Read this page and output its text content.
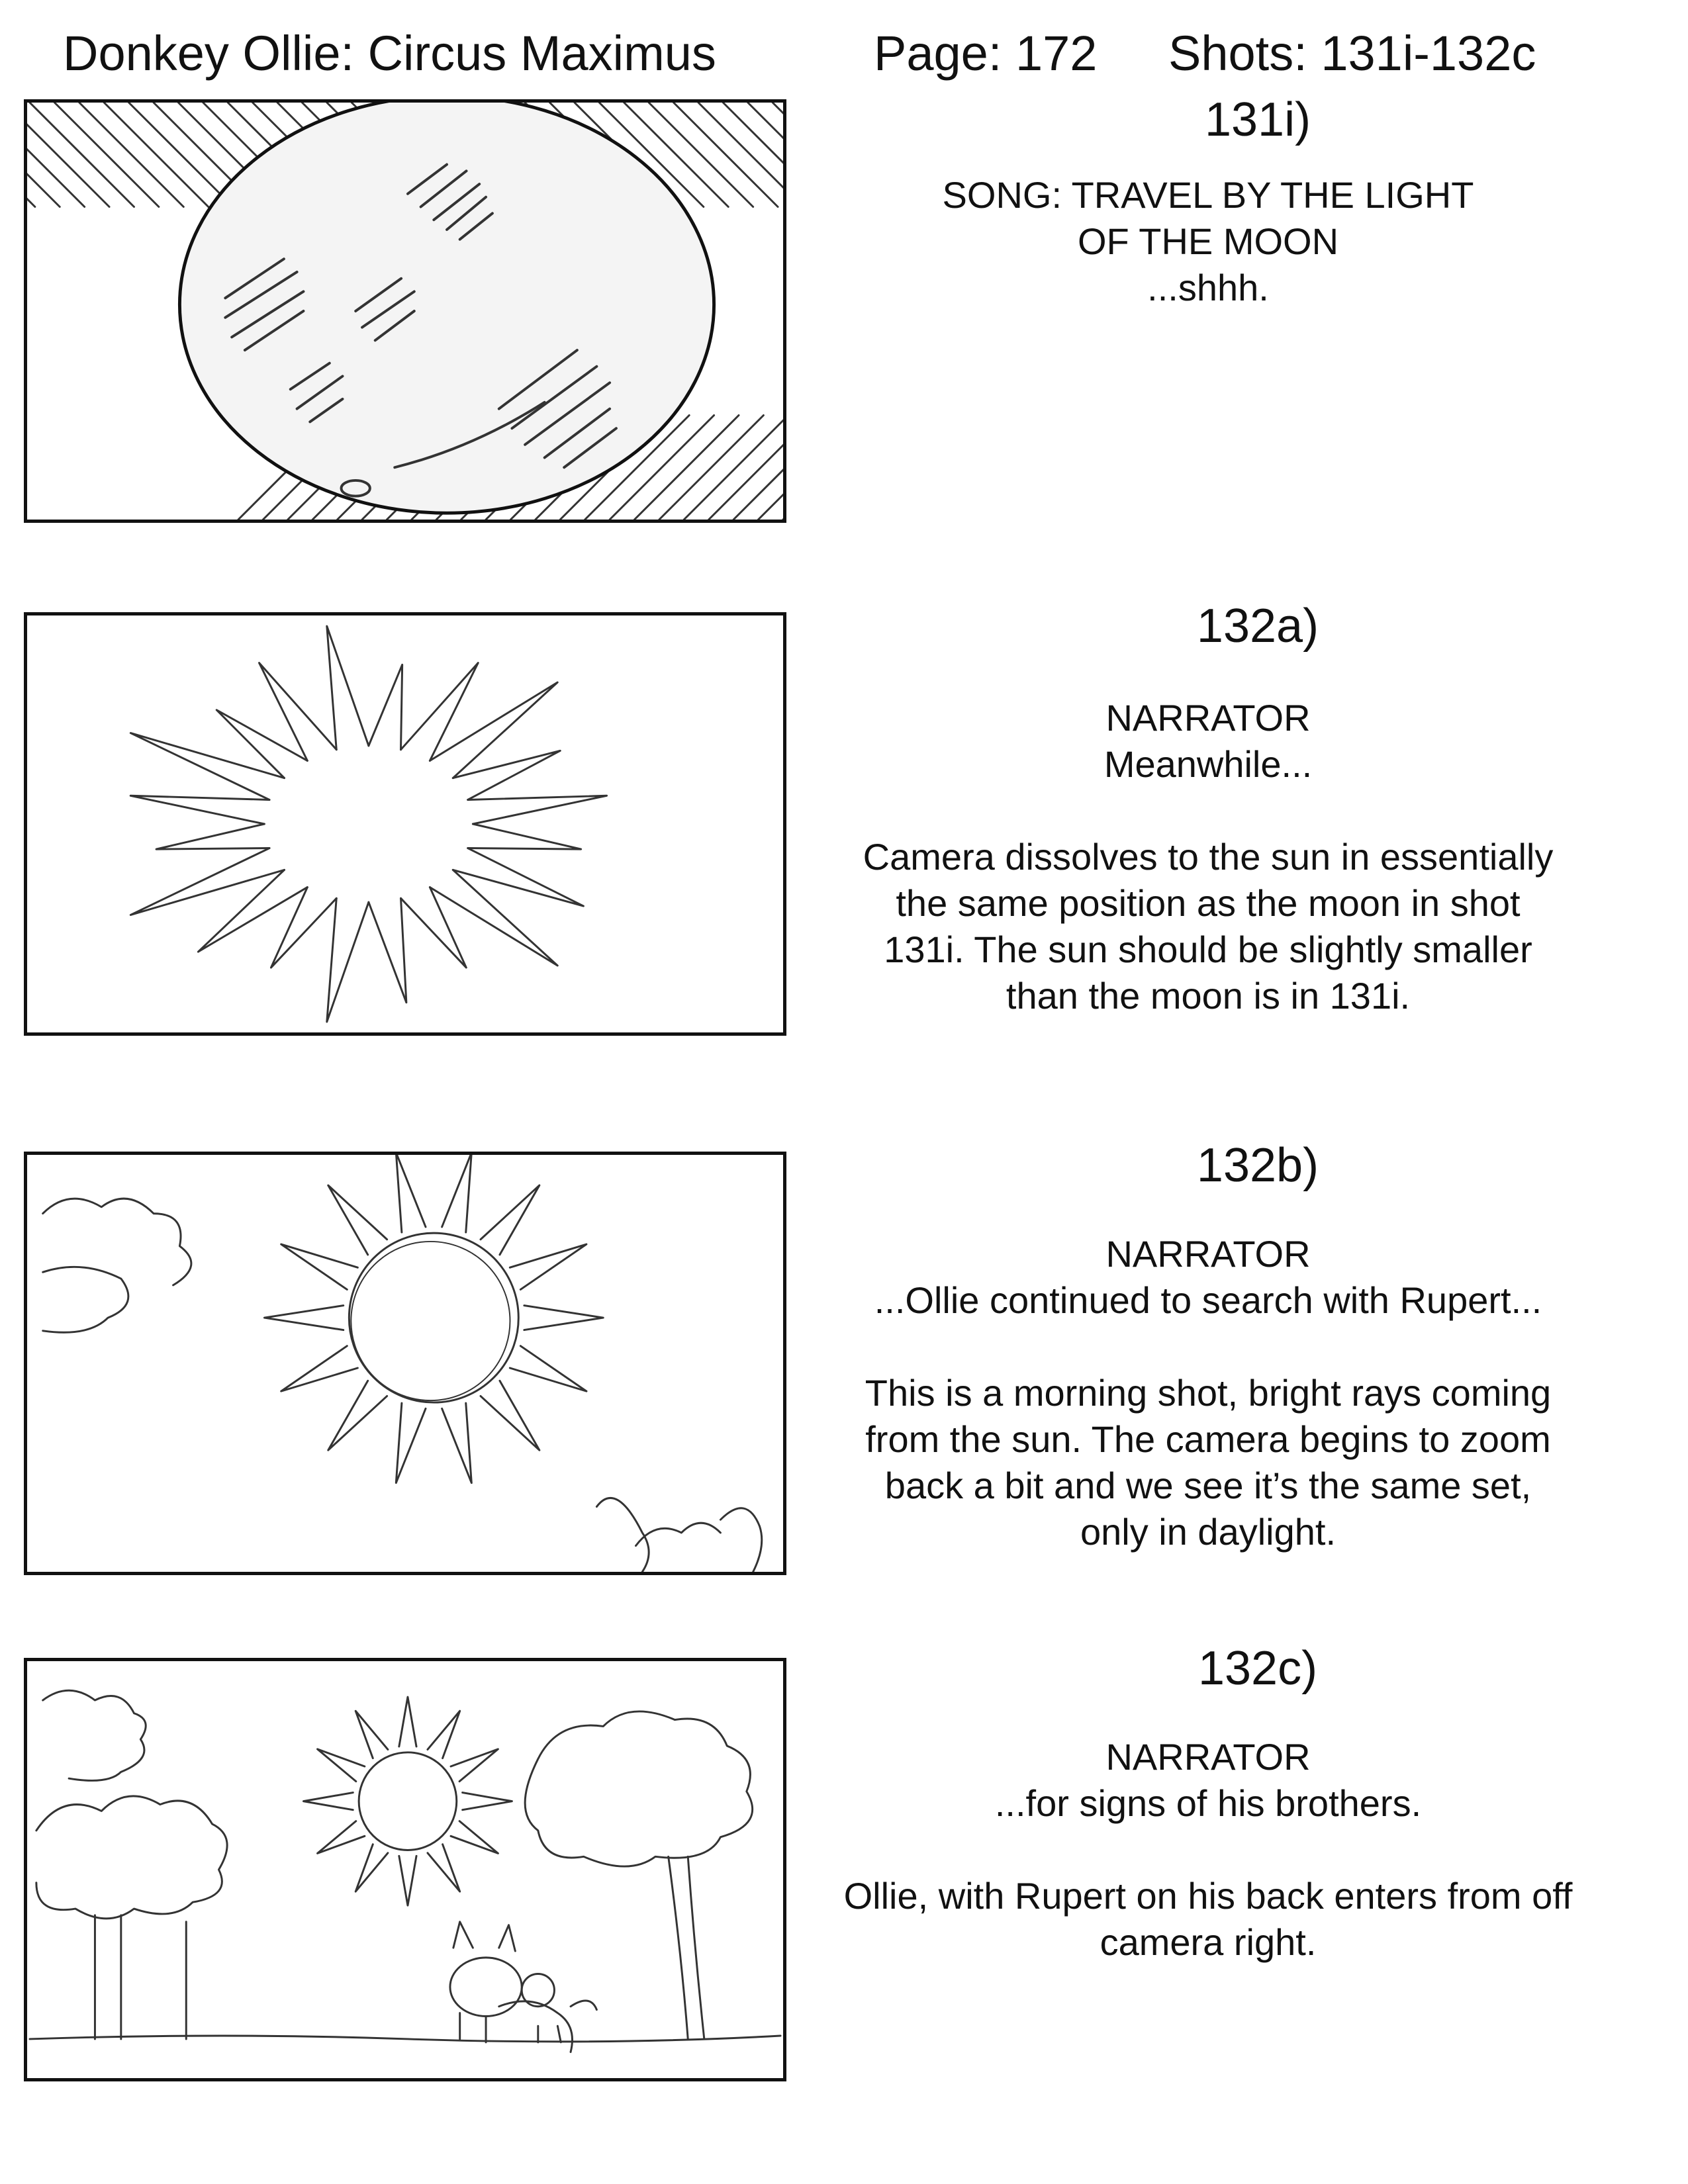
Donkey Ollie: Circus Maximus	Page: 172 Shots: 131i-132c
131i)
SONG: TRAVEL BY THE LIGHT
OF THE MOON
...shhh.
132a)
NARRATOR
Meanwhile...
Camera dissolves to the sun in essentially
the same position as the moon in shot
131i. The sun should be slightly smaller
than the moon is in 131i.
132b)
NARRATOR
...Ollie continued to search with Rupert...
This is a morning shot, bright rays coming
from the sun. The camera begins to zoom
back a bit and we see it’s the same set,
only in daylight.
132c)
NARRATOR
...for signs of his brothers.
Ollie, with Rupert on his back enters from off
camera right.
